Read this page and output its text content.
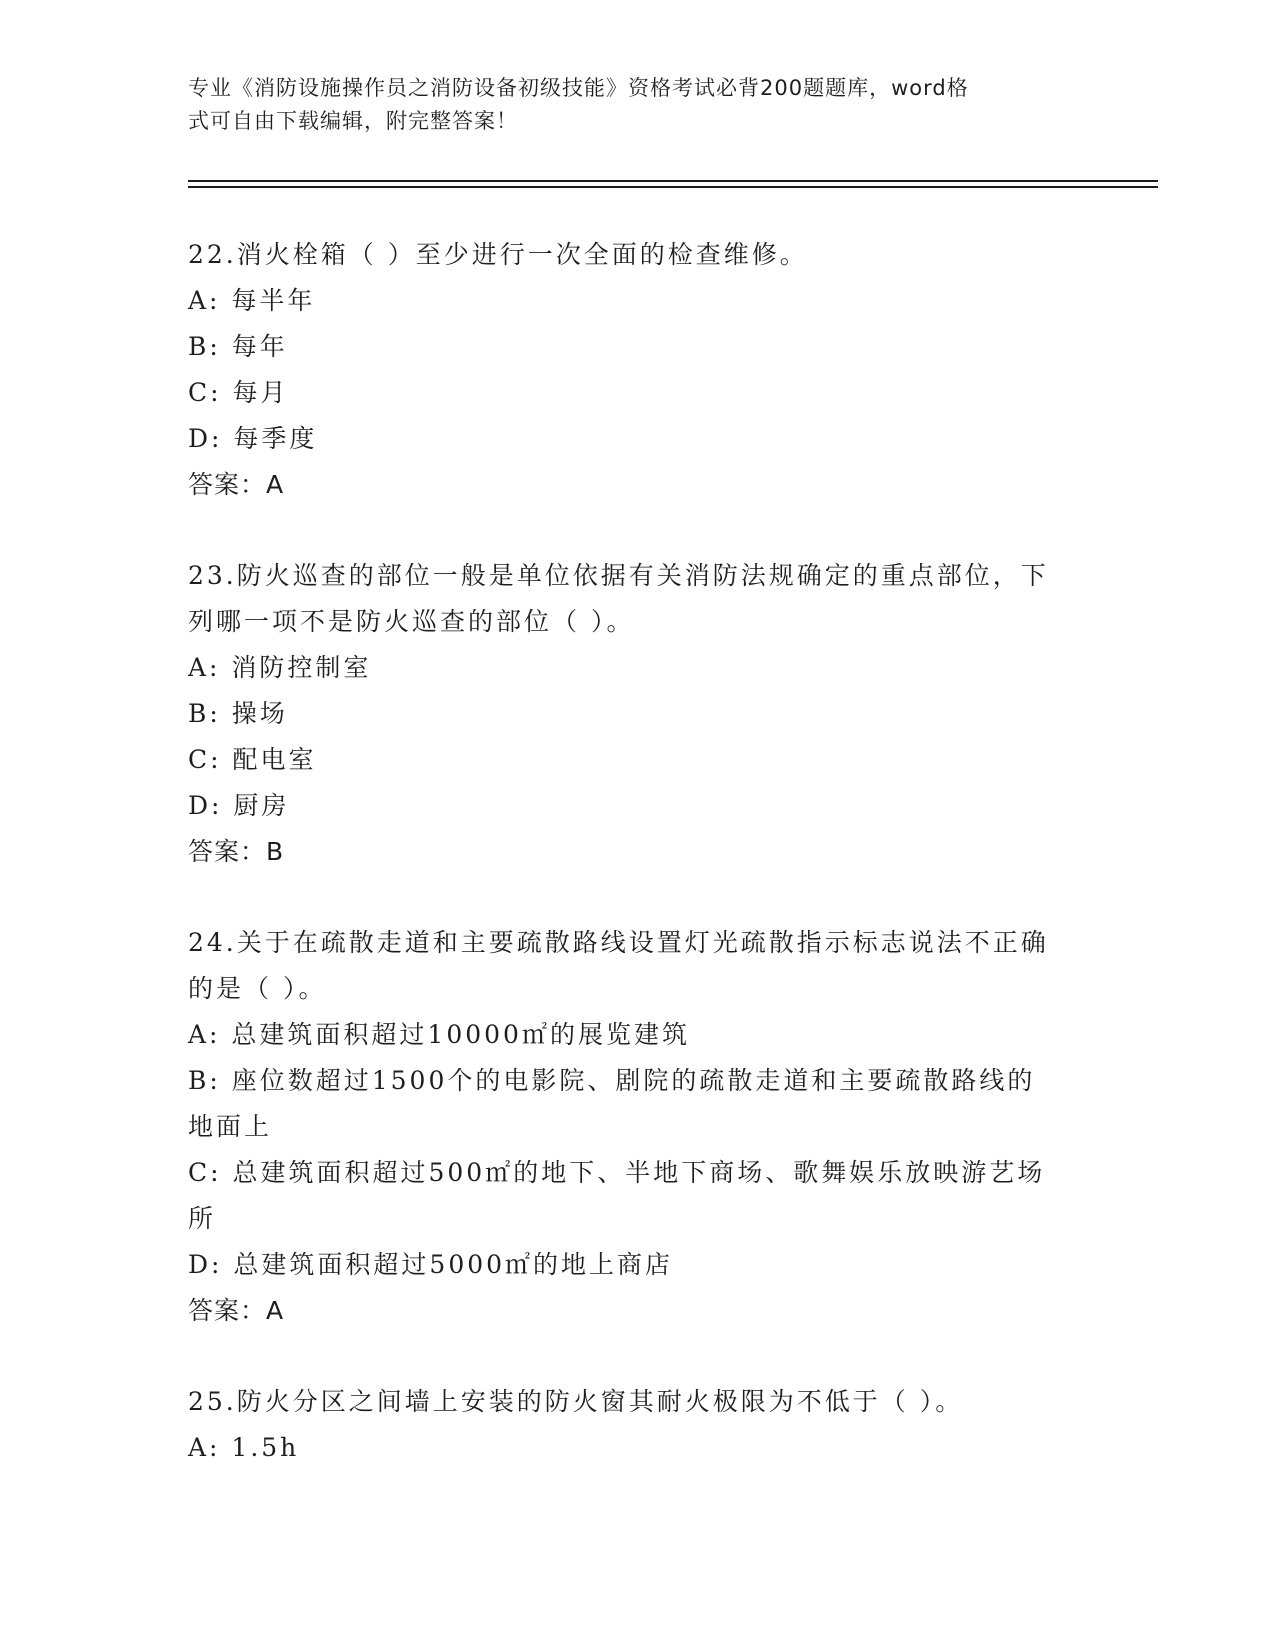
专业《消防设施操作员之消防设备初级技能》资格考试必背200题题库，word格
式可自由下载编辑，附完整答案！
22.消火栓箱（ ）至少进行一次全面的检查维修。
A: 每半年
B: 每年
C: 每月
D: 每季度
答案：A
23.防火巡查的部位一般是单位依据有关消防法规确定的重点部位，下
列哪一项不是防火巡查的部位（ ）。
A: 消防控制室
B: 操场
C: 配电室
D: 厨房
答案：B
24.关于在疏散走道和主要疏散路线设置灯光疏散指示标志说法不正确
的是（ ）。
A: 总建筑面积超过10000㎡的展览建筑
B: 座位数超过1500个的电影院、剧院的疏散走道和主要疏散路线的
地面上
C: 总建筑面积超过500㎡的地下、半地下商场、歌舞娱乐放映游艺场
所
D: 总建筑面积超过5000㎡的地上商店
答案：A
25.防火分区之间墙上安装的防火窗其耐火极限为不低于（ ）。
A: 1.5h
